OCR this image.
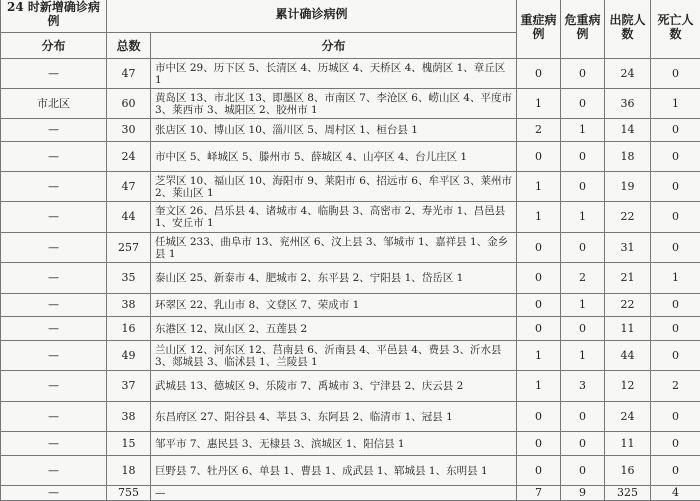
24 时新增确诊病例	累计确诊病例		重症病例	危重病例	出院人数	死亡人数
分布	总数	分布				
—	47	市中区 29、历下区 5、长清区 4、历城区 4、天桥区 4、槐荫区 1、章丘区 1	0	0	24	0
市北区	60	黄岛区 13、市北区 13、即墨区 8、市南区 7、李沧区 6、崂山区 4、平度市 3、莱西市 3、城阳区 2、胶州市 1	1	0	36	1
—	30	张店区 10、博山区 10、淄川区 5、周村区 1、桓台县 1	2	1	14	0
—	24	市中区 5、峄城区 5、滕州市 5、薛城区 4、山亭区 4、台儿庄区 1	0	0	18	0
—	47	芝罘区 10、福山区 10、海阳市 9、莱阳市 6、招远市 6、牟平区 3、莱州市 2、莱山区 1	1	0	19	0
—	44	奎文区 26、昌乐县 4、诸城市 4、临朐县 3、高密市 2、寿光市 1、昌邑县 1、安丘市 1	1	1	22	0
—	257	任城区 233、曲阜市 13、兖州区 6、汶上县 3、邹城市 1、嘉祥县 1、金乡县 1	0	0	31	0
—	35	泰山区 25、新泰市 4、肥城市 2、东平县 2、宁阳县 1、岱岳区 1	0	2	21	1
—	38	环翠区 22、乳山市 8、文登区 7、荣成市 1	0	1	22	0
—	16	东港区 12、岚山区 2、五莲县 2	0	0	11	0
—	49	兰山区 12、河东区 12、莒南县 6、沂南县 4、平邑县 4、费县 3、沂水县 3、郯城县 3、临沭县 1、兰陵县 1	1	1	44	0
—	37	武城县 13、德城区 9、乐陵市 7、禹城市 3、宁津县 2、庆云县 2	1	3	12	2
—	38	东昌府区 27、阳谷县 4、莘县 3、东阿县 2、临清市 1、冠县 1	0	0	24	0
—	15	邹平市 7、惠民县 3、无棣县 3、滨城区 1、阳信县 1	0	0	11	0
—	18	巨野县 7、牡丹区 6、单县 1、曹县 1、成武县 1、郓城县 1、东明县 1	0	0	16	0
—	755	—	7	9	325	4
